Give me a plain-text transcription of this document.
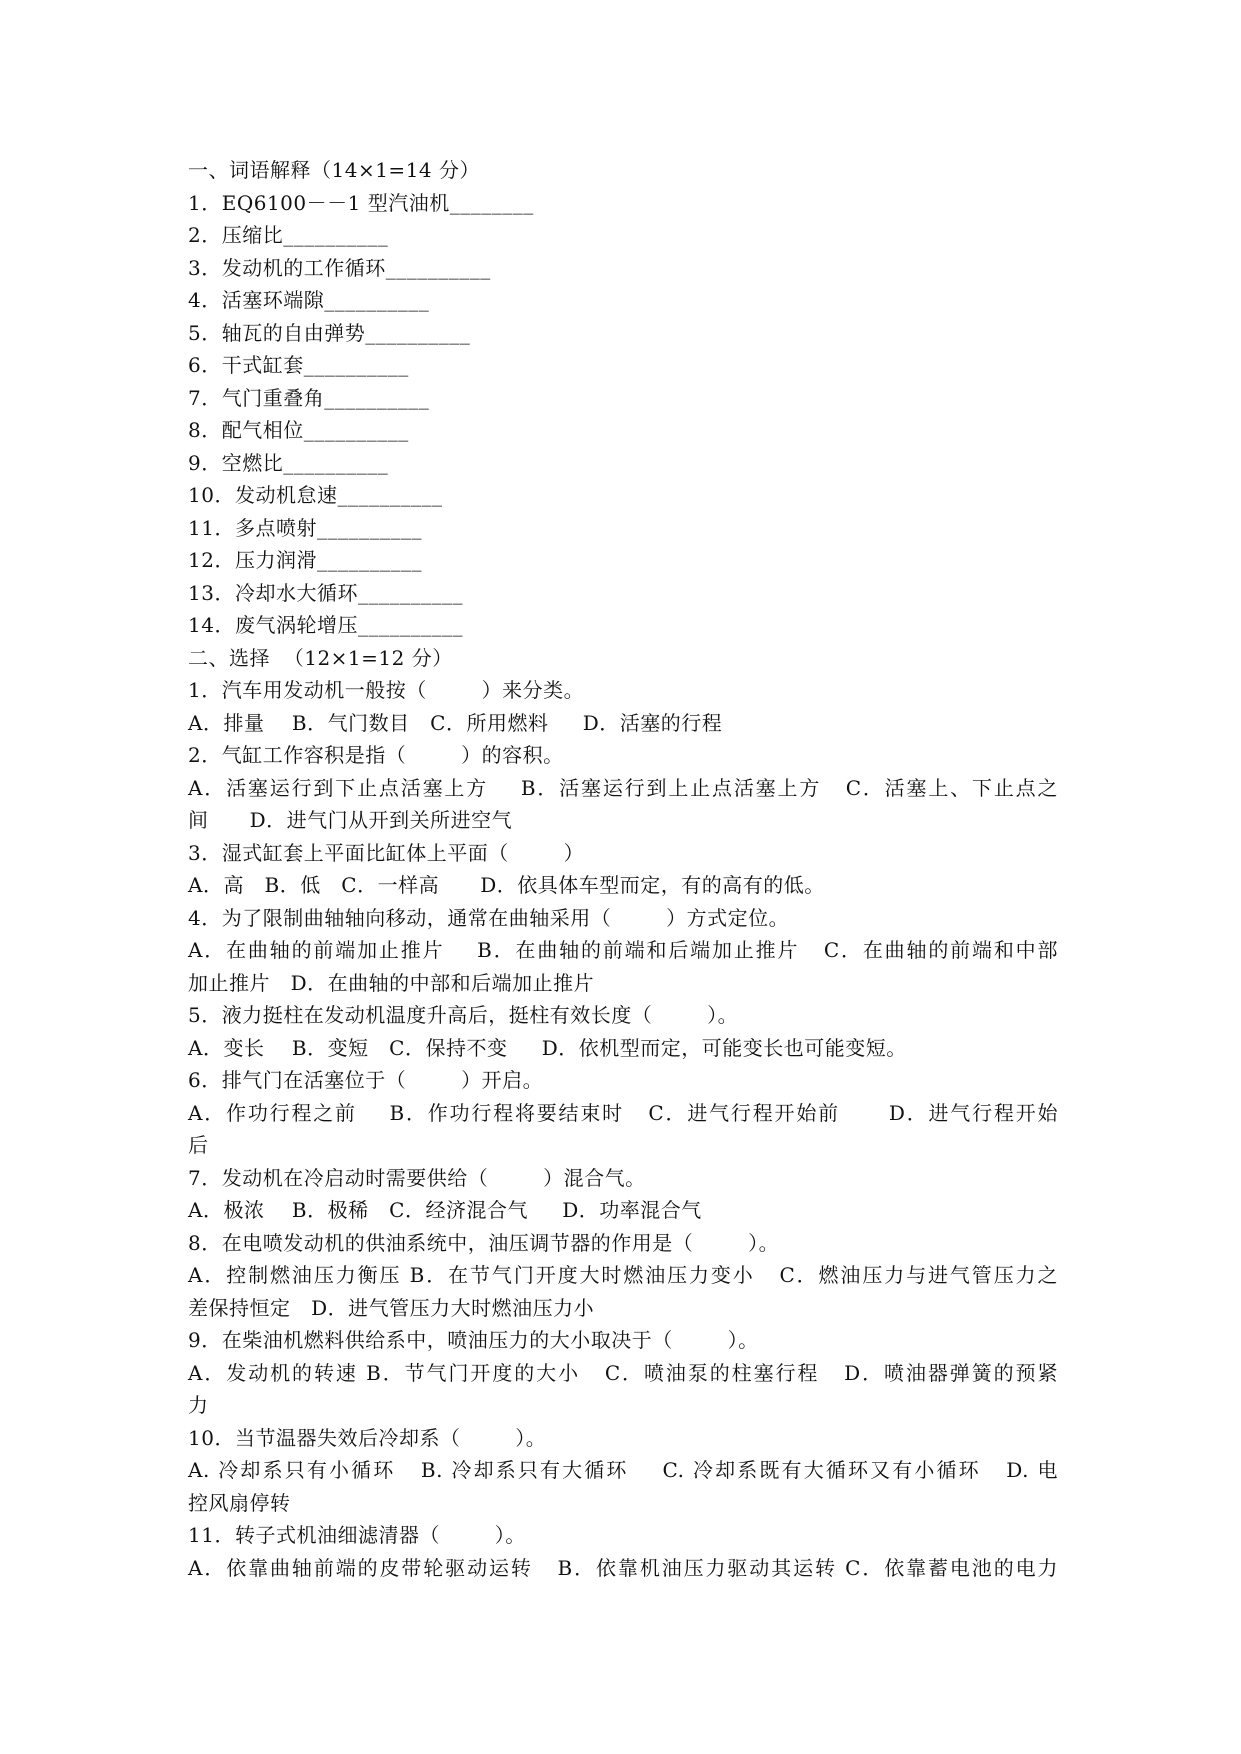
一、词语解释（14×1=14 分）
1．EQ6100－－1 型汽油机________
2．压缩比__________
3．发动机的工作循环__________
4．活塞环端隙__________
5．轴瓦的自由弹势__________
6．干式缸套__________
7．气门重叠角__________
8．配气相位__________
9．空燃比__________
10．发动机怠速__________
11．多点喷射__________
12．压力润滑__________
13．冷却水大循环__________
14．废气涡轮增压__________
二、选择  （12×1=12 分）
1．汽车用发动机一般按（        ）来分类。
A．排量    B．气门数目   C．所用燃料     D．活塞的行程
2．气缸工作容积是指（        ）的容积。
A．活塞运行到下止点活塞上方    B．活塞运行到上止点活塞上方   C．活塞上、下止点之
间      D．进气门从开到关所进空气
3．湿式缸套上平面比缸体上平面（        ）
A．高   B．低   C．一样高      D．依具体车型而定，有的高有的低。
4．为了限制曲轴轴向移动，通常在曲轴采用（        ）方式定位。
A．在曲轴的前端加止推片    B．在曲轴的前端和后端加止推片   C．在曲轴的前端和中部
加止推片   D．在曲轴的中部和后端加止推片
5．液力挺柱在发动机温度升高后，挺柱有效长度（        ）。
A．变长    B．变短   C．保持不变     D．依机型而定，可能变长也可能变短。
6．排气门在活塞位于（        ）开启。
A．作功行程之前    B．作功行程将要结束时   C．进气行程开始前      D．进气行程开始
后
7．发动机在冷启动时需要供给（        ）混合气。
A．极浓    B．极稀   C．经济混合气     D．功率混合气
8．在电喷发动机的供油系统中，油压调节器的作用是（        ）。
A．控制燃油压力衡压 B．在节气门开度大时燃油压力变小   C．燃油压力与进气管压力之
差保持恒定   D．进气管压力大时燃油压力小
9．在柴油机燃料供给系中，喷油压力的大小取决于（        ）。
A．发动机的转速 B．节气门开度的大小   C．喷油泵的柱塞行程   D．喷油器弹簧的预紧
力
10．当节温器失效后冷却系（        ）。
A. 冷却系只有小循环   B. 冷却系只有大循环    C. 冷却系既有大循环又有小循环   D. 电
控风扇停转
11．转子式机油细滤清器（        ）。
A．依靠曲轴前端的皮带轮驱动运转   B．依靠机油压力驱动其运转 C．依靠蓄电池的电力
